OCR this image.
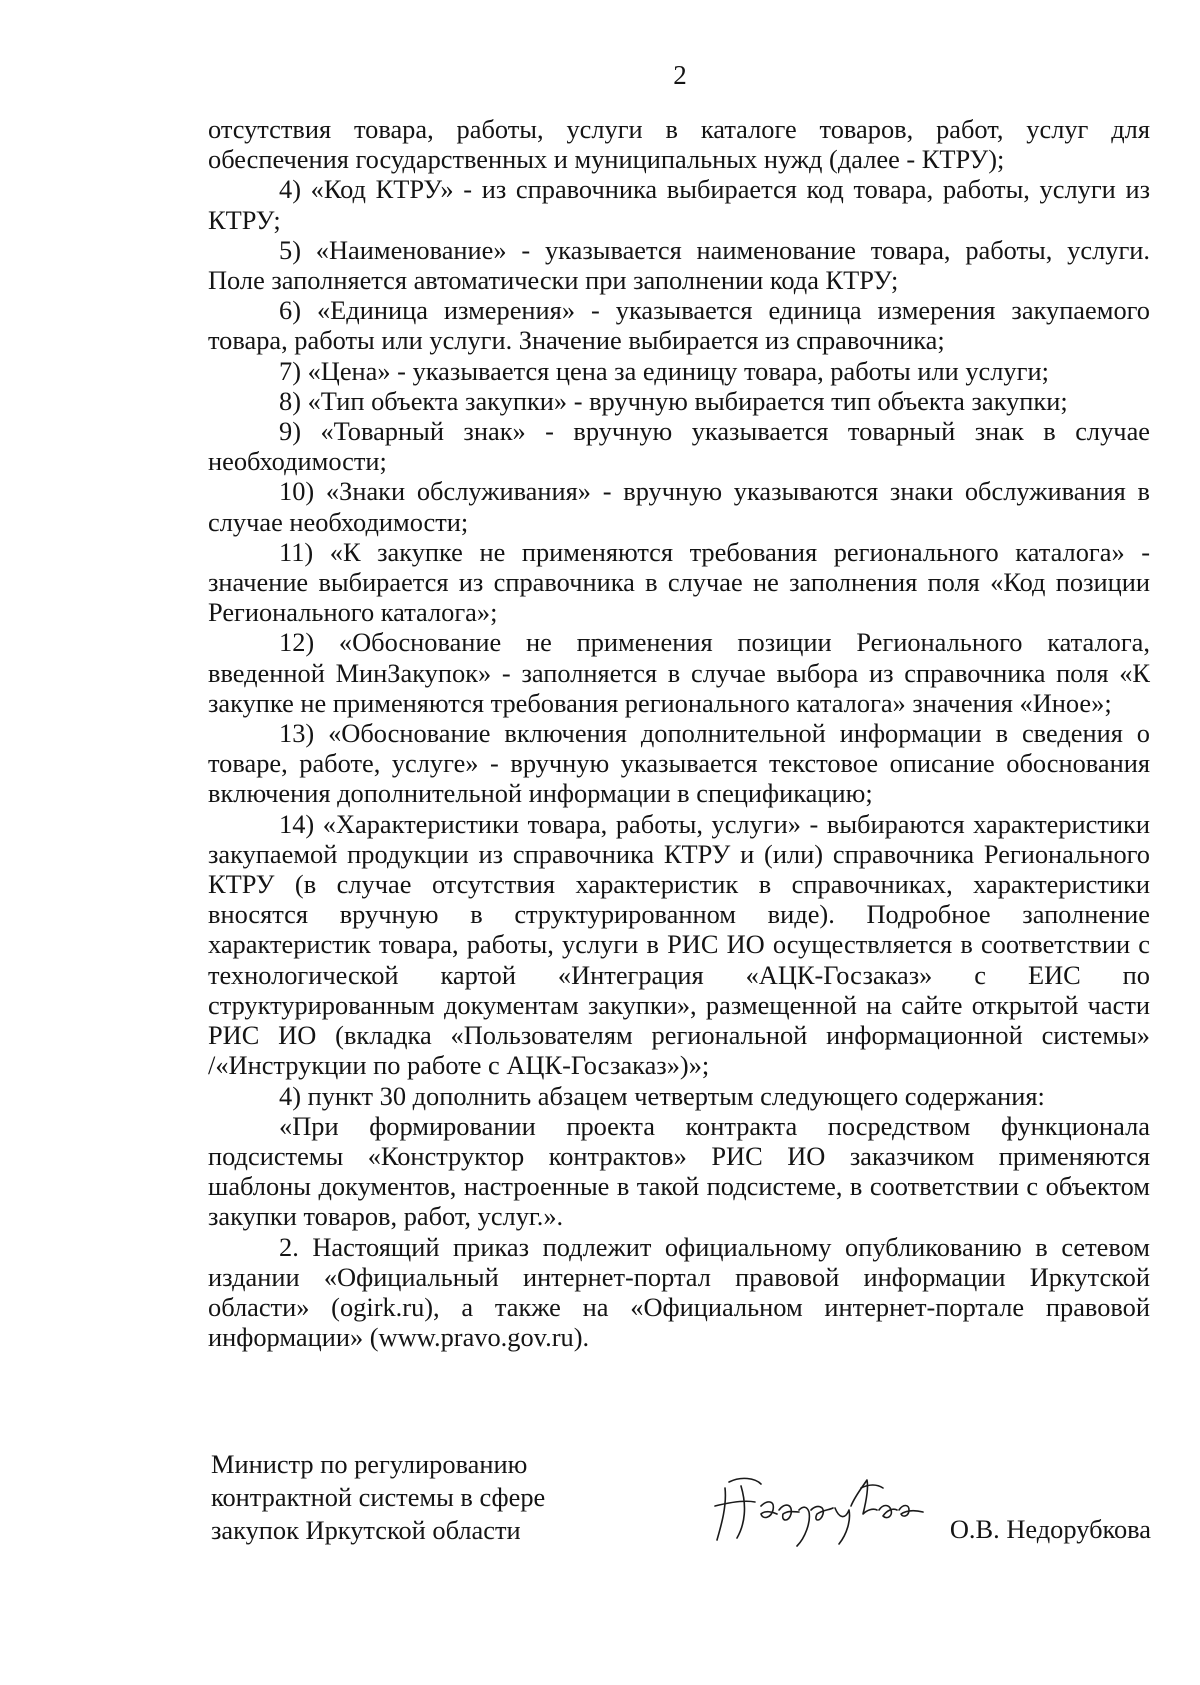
2

отсутствия товара, работы, услуги в каталоге товаров, работ, услуг для обеспечения государственных и муниципальных нужд (далее - КТРУ);

4) «Код КТРУ» - из справочника выбирается код товара, работы, услуги из КТРУ;

5) «Наименование» - указывается наименование товара, работы, услуги. Поле заполняется автоматически при заполнении кода КТРУ;

6) «Единица измерения» - указывается единица измерения закупаемого товара, работы или услуги. Значение выбирается из справочника;

7) «Цена» - указывается цена за единицу товара, работы или услуги;

8) «Тип объекта закупки» - вручную выбирается тип объекта закупки;

9) «Товарный знак» - вручную указывается товарный знак в случае необходимости;

10) «Знаки обслуживания» - вручную указываются знаки обслуживания в случае необходимости;

11) «К закупке не применяются требования регионального каталога» - значение выбирается из справочника в случае не заполнения поля «Код позиции Регионального каталога»;

12) «Обоснование не применения позиции Регионального каталога, введенной МинЗакупок» - заполняется в случае выбора из справочника поля «К закупке не применяются требования регионального каталога» значения «Иное»;

13) «Обоснование включения дополнительной информации в сведения о товаре, работе, услуге» - вручную указывается текстовое описание обоснования включения дополнительной информации в спецификацию;

14) «Характеристики товара, работы, услуги» - выбираются характеристики закупаемой продукции из справочника КТРУ и (или) справочника Регионального КТРУ (в случае отсутствия характеристик в справочниках, характеристики вносятся вручную в структурированном виде). Подробное заполнение характеристик товара, работы, услуги в РИС ИО осуществляется в соответствии с технологической картой «Интеграция «АЦК-Госзаказ» с ЕИС по структурированным документам закупки», размещенной на сайте открытой части РИС ИО (вкладка «Пользователям региональной информационной системы» /«Инструкции по работе с АЦК-Госзаказ»)»;

4) пункт 30 дополнить абзацем четвертым следующего содержания:

«При формировании проекта контракта посредством функционала подсистемы «Конструктор контрактов» РИС ИО заказчиком применяются шаблоны документов, настроенные в такой подсистеме, в соответствии с объектом закупки товаров, работ, услуг.».

2. Настоящий приказ подлежит официальному опубликованию в сетевом издании «Официальный интернет-портал правовой информации Иркутской области» (ogirk.ru), а также на «Официальном интернет-портале правовой информации» (www.pravo.gov.ru).

Министр по регулированию
контрактной системы в сфере
закупок Иркутской области	О.В. Недорубкова
